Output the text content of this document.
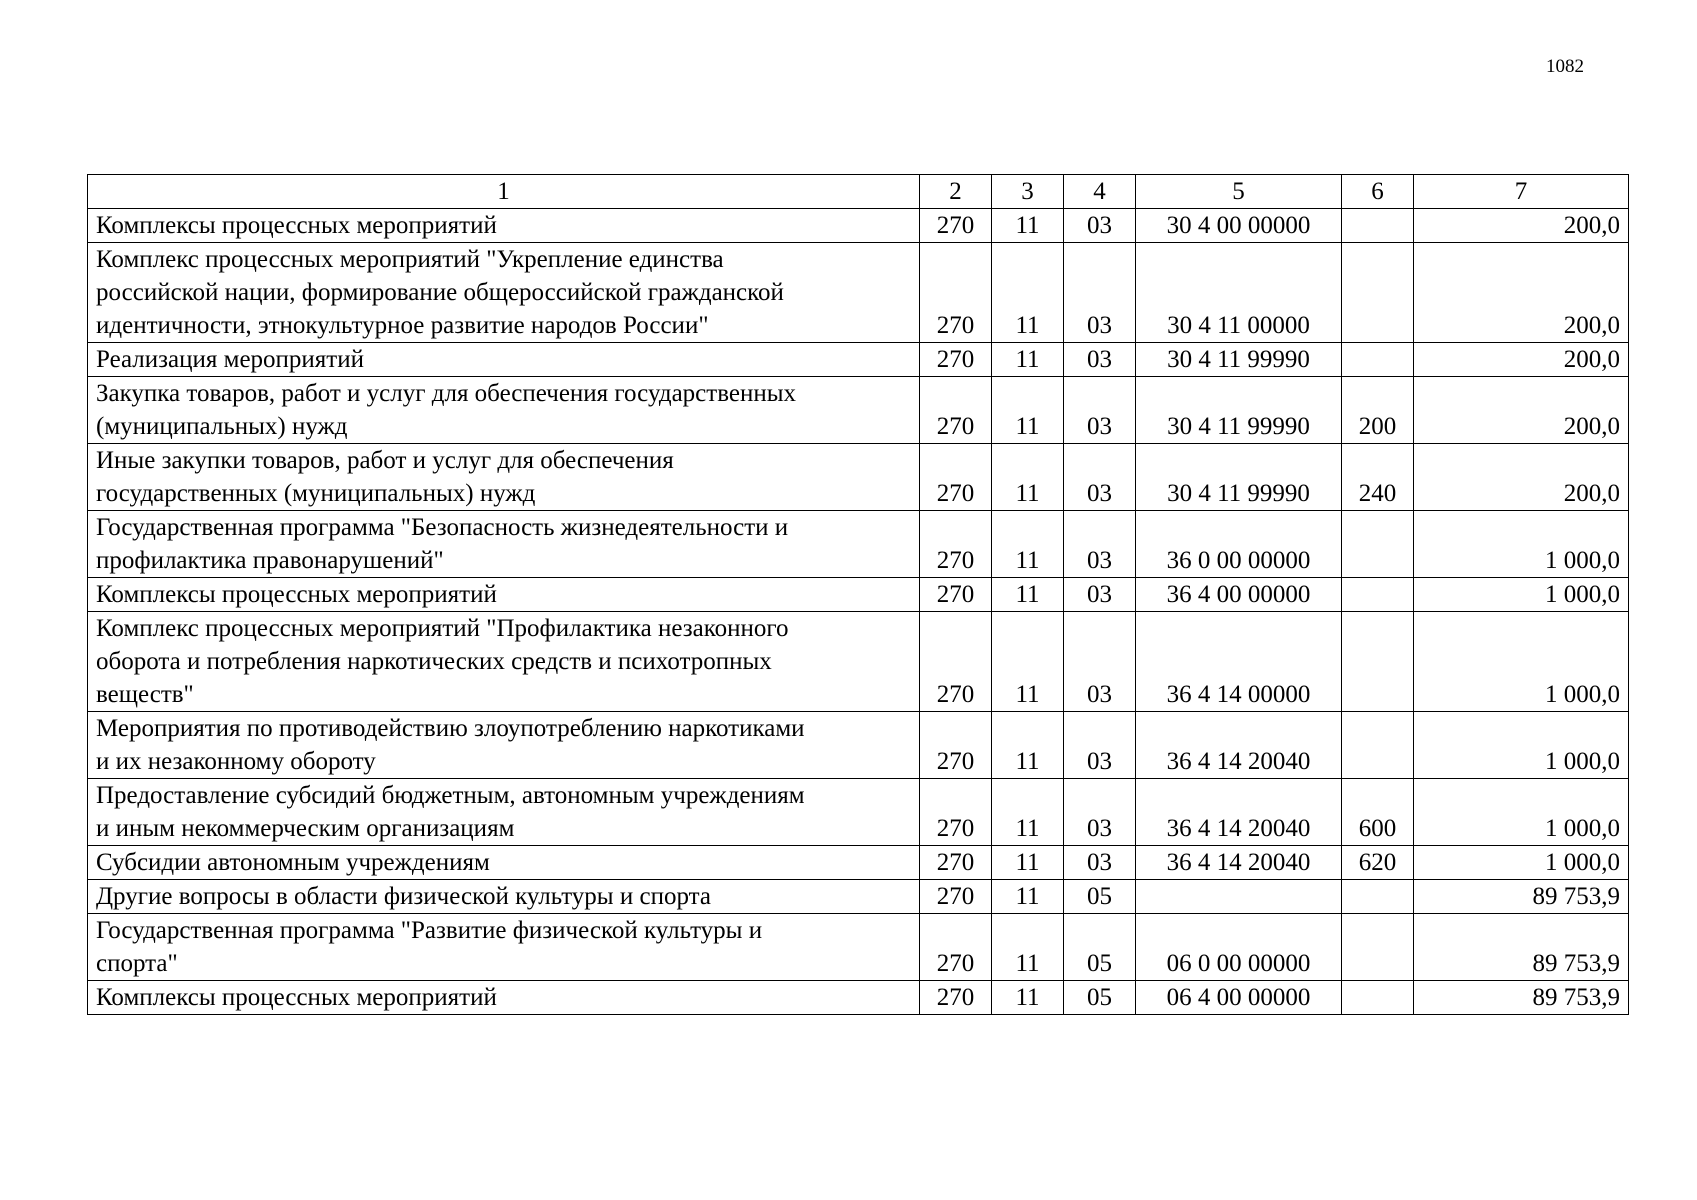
1082
1	2	3	4	5	6	7

Комплексы процессных мероприятий	270	11	03	30 4 00 00000		200,0

Комплекс процессных мероприятий "Укрепление единства
российской нации, формирование общероссийской гражданской
идентичности, этнокультурное развитие народов России"	270	11	03	30 4 11 00000		200,0

Реализация мероприятий	270	11	03	30 4 11 99990		200,0

Закупка товаров, работ и услуг для обеспечения государственных
(муниципальных) нужд	270	11	03	30 4 11 99990	200	200,0

Иные закупки товаров, работ и услуг для обеспечения
государственных (муниципальных) нужд	270	11	03	30 4 11 99990	240	200,0

Государственная программа "Безопасность жизнедеятельности и
профилактика правонарушений"	270	11	03	36 0 00 00000		1 000,0

Комплексы процессных мероприятий	270	11	03	36 4 00 00000		1 000,0

Комплекс процессных мероприятий "Профилактика незаконного
оборота и потребления наркотических средств и психотропных
веществ"	270	11	03	36 4 14 00000		1 000,0

Мероприятия по противодействию злоупотреблению наркотиками
и их незаконному обороту	270	11	03	36 4 14 20040		1 000,0

Предоставление субсидий бюджетным, автономным учреждениям
и иным некоммерческим организациям	270	11	03	36 4 14 20040	600	1 000,0

Субсидии автономным учреждениям	270	11	03	36 4 14 20040	620	1 000,0

Другие вопросы в области физической культуры и спорта	270	11	05			89 753,9

Государственная программа "Развитие физической культуры и
спорта"	270	11	05	06 0 00 00000		89 753,9

Комплексы процессных мероприятий	270	11	05	06 4 00 00000		89 753,9
